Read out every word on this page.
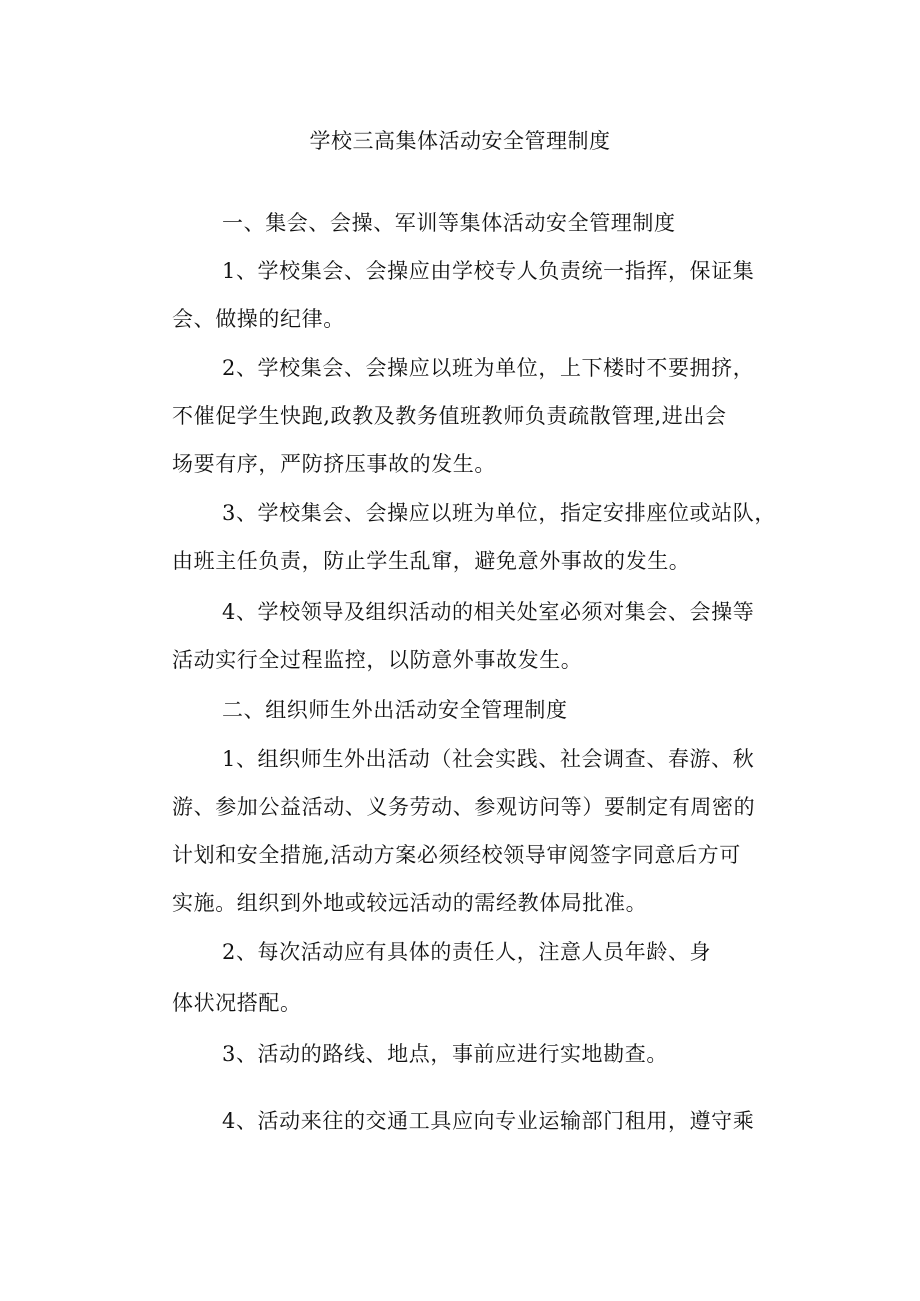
学校三高集体活动安全管理制度
一、集会、会操、军训等集体活动安全管理制度
1、学校集会、会操应由学校专人负责统一指挥，保证集
会、做操的纪律。
2、学校集会、会操应以班为单位，上下楼时不要拥挤，
不催促学生快跑,政教及教务值班教师负责疏散管理,进出会
场要有序，严防挤压事故的发生。
3、学校集会、会操应以班为单位，指定安排座位或站队，
由班主任负责，防止学生乱窜，避免意外事故的发生。
4、学校领导及组织活动的相关处室必须对集会、会操等
活动实行全过程监控，以防意外事故发生。
二、组织师生外出活动安全管理制度
1、组织师生外出活动（社会实践、社会调查、春游、秋
游、参加公益活动、义务劳动、参观访问等）要制定有周密的
计划和安全措施,活动方案必须经校领导审阅签字同意后方可
实施。组织到外地或较远活动的需经教体局批准。
2、每次活动应有具体的责任人，注意人员年龄、身
体状况搭配。
3、活动的路线、地点，事前应进行实地勘查。
4、活动来往的交通工具应向专业运输部门租用，遵守乘
